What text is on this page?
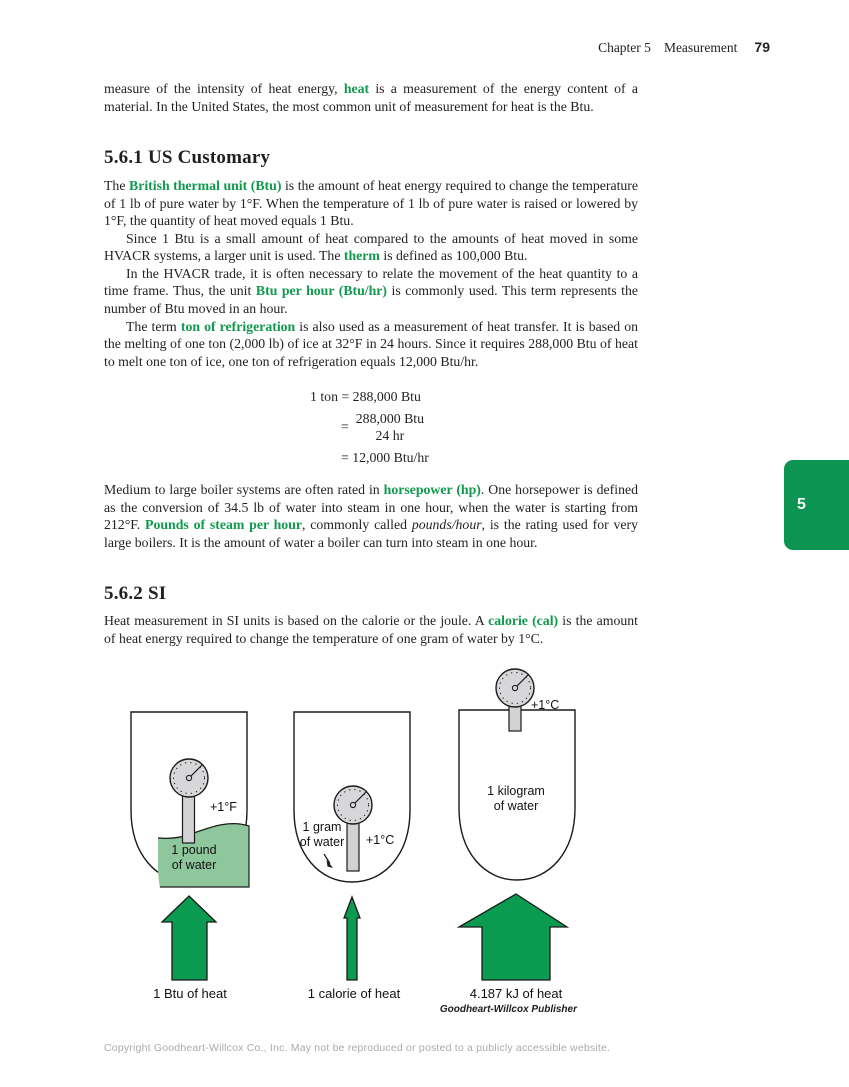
Chapter 5 Measurement 79

measure of the intensity of heat energy, heat is a measurement of the energy content of a material. In the United States, the most common unit of measurement for heat is the Btu.

5.6.1 US Customary

The British thermal unit (Btu) is the amount of heat energy required to change the temperature of 1 lb of pure water by 1°F. When the temperature of 1 lb of pure water is raised or lowered by 1°F, the quantity of heat moved equals 1 Btu.

Since 1 Btu is a small amount of heat compared to the amounts of heat moved in some HVACR systems, a larger unit is used. The therm is defined as 100,000 Btu.

In the HVACR trade, it is often necessary to relate the movement of the heat quantity to a time frame. Thus, the unit Btu per hour (Btu/hr) is commonly used. This term represents the number of Btu moved in an hour.

The term ton of refrigeration is also used as a measurement of heat transfer. It is based on the melting of one ton (2,000 lb) of ice at 32°F in 24 hours. Since it requires 288,000 Btu of heat to melt one ton of ice, one ton of refrigeration equals 12,000 Btu/hr.

1 ton = 288,000 Btu
=
288,000 Btu
24 hr
= 12,000 Btu/hr

Medium to large boiler systems are often rated in horsepower (hp). One horsepower is defined as the conversion of 34.5 lb of water into steam in one hour, when the water is starting from 212°F. Pounds of steam per hour, commonly called pounds/hour, is the rating used for very large boilers. It is the amount of water a boiler can turn into steam in one hour.

5.6.2 SI

Heat measurement in SI units is based on the calorie or the joule. A calorie (cal) is the amount of heat energy required to change the temperature of one gram of water by 1°C.

+1°F
1 pound
of water
1 gram
of water	+1°C
+1°C
1 kilogram
of water
1 Btu of heat	1 calorie of heat	4.187 kJ of heat
Goodheart-Willcox Publisher
5
Copyright Goodheart-Willcox Co., Inc. May not be reproduced or posted to a publicly accessible website.
